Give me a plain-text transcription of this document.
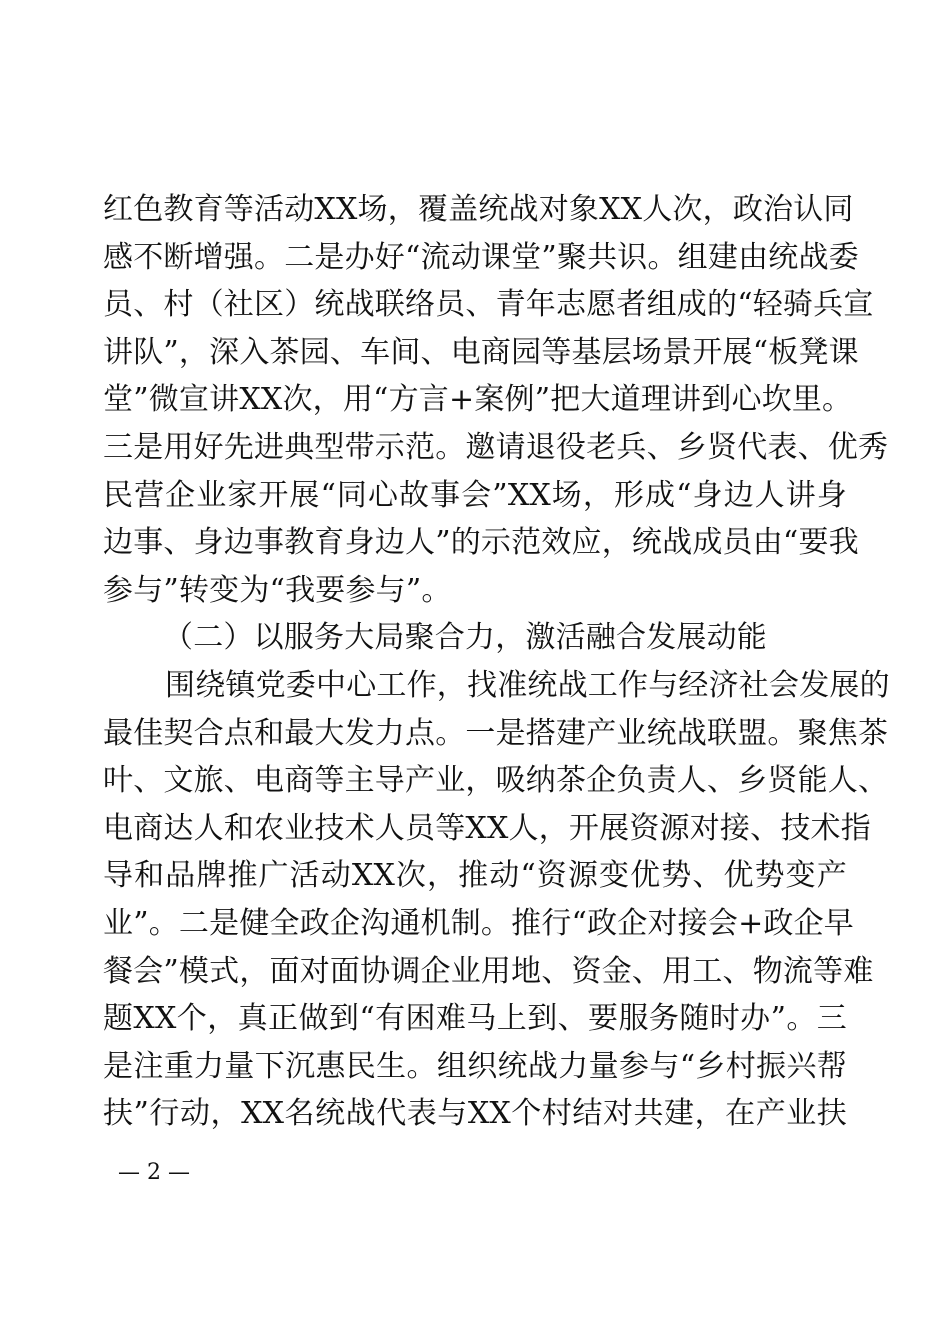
红色教育等活动XX场，覆盖统战对象XX人次，政治认同
感不断增强。二是办好“流动课堂”聚共识。组建由统战委
员、村（社区）统战联络员、青年志愿者组成的“轻骑兵宣
讲队”，深入茶园、车间、电商园等基层场景开展“板凳课
堂”微宣讲XX次，用“方言+案例”把大道理讲到心坎里。
三是用好先进典型带示范。邀请退役老兵、乡贤代表、优秀
民营企业家开展“同心故事会”XX场，形成“身边人讲身
边事、身边事教育身边人”的示范效应，统战成员由“要我
参与”转变为“我要参与”。
（二）以服务大局聚合力，激活融合发展动能
围绕镇党委中心工作，找准统战工作与经济社会发展的
最佳契合点和最大发力点。一是搭建产业统战联盟。聚焦茶
叶、文旅、电商等主导产业，吸纳茶企负责人、乡贤能人、
电商达人和农业技术人员等XX人，开展资源对接、技术指
导和品牌推广活动XX次，推动“资源变优势、优势变产
业”。二是健全政企沟通机制。推行“政企对接会+政企早
餐会”模式，面对面协调企业用地、资金、用工、物流等难
题XX个，真正做到“有困难马上到、要服务随时办”。三
是注重力量下沉惠民生。组织统战力量参与“乡村振兴帮
扶”行动，XX名统战代表与XX个村结对共建，在产业扶
— 2 —
